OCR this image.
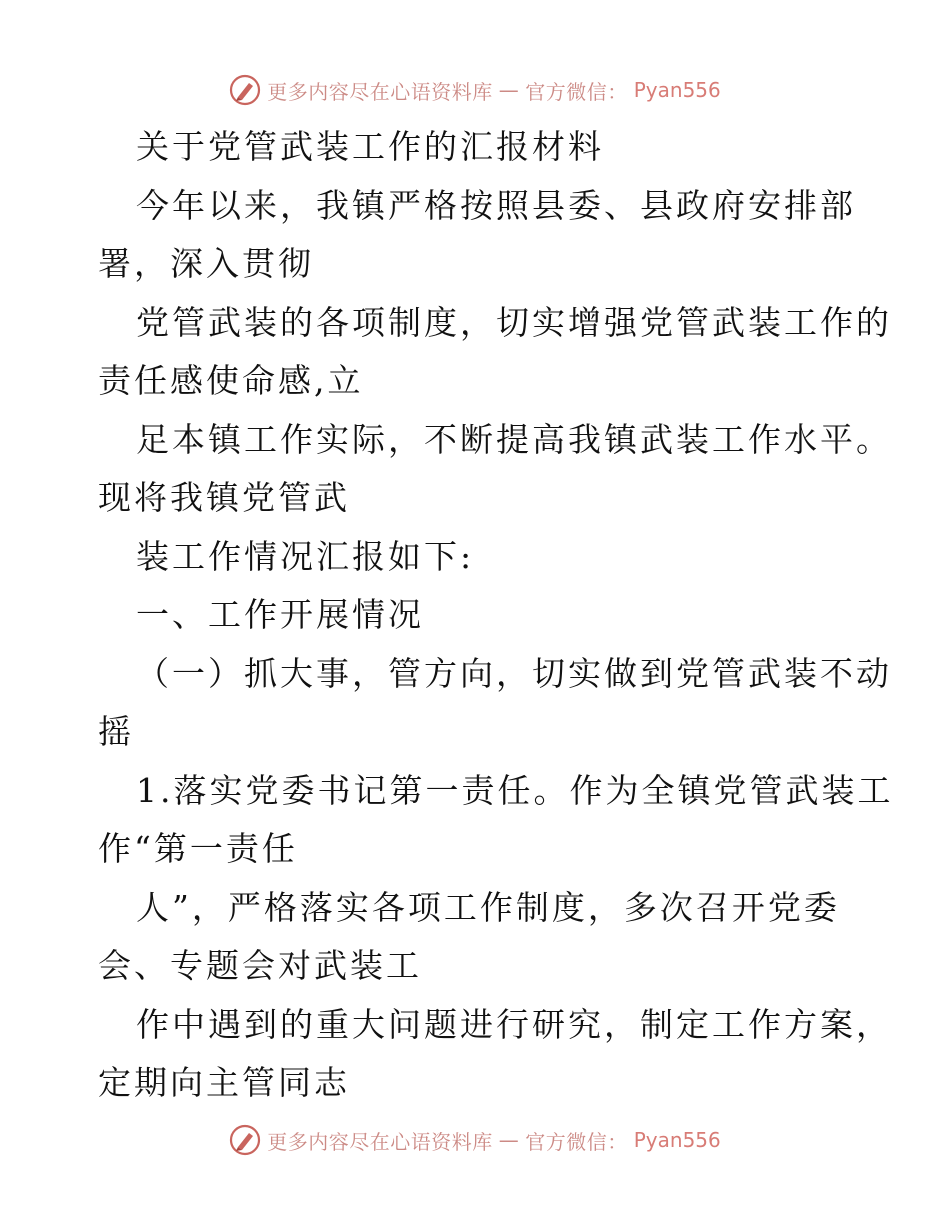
更多内容尽在心语资料库 — 官方微信： Pyan556
关于党管武装工作的汇报材料
今年以来，我镇严格按照县委、县政府安排部
署，深入贯彻
党管武装的各项制度，切实增强党管武装工作的
责任感使命感,立
足本镇工作实际，不断提高我镇武装工作水平。
现将我镇党管武
装工作情况汇报如下:
一、工作开展情况
（一）抓大事，管方向，切实做到党管武装不动
摇
1.落实党委书记第一责任。作为全镇党管武装工
作“第一责任
人”，严格落实各项工作制度，多次召开党委
会、专题会对武装工
作中遇到的重大问题进行研究，制定工作方案，
定期向主管同志
更多内容尽在心语资料库 — 官方微信： Pyan556
